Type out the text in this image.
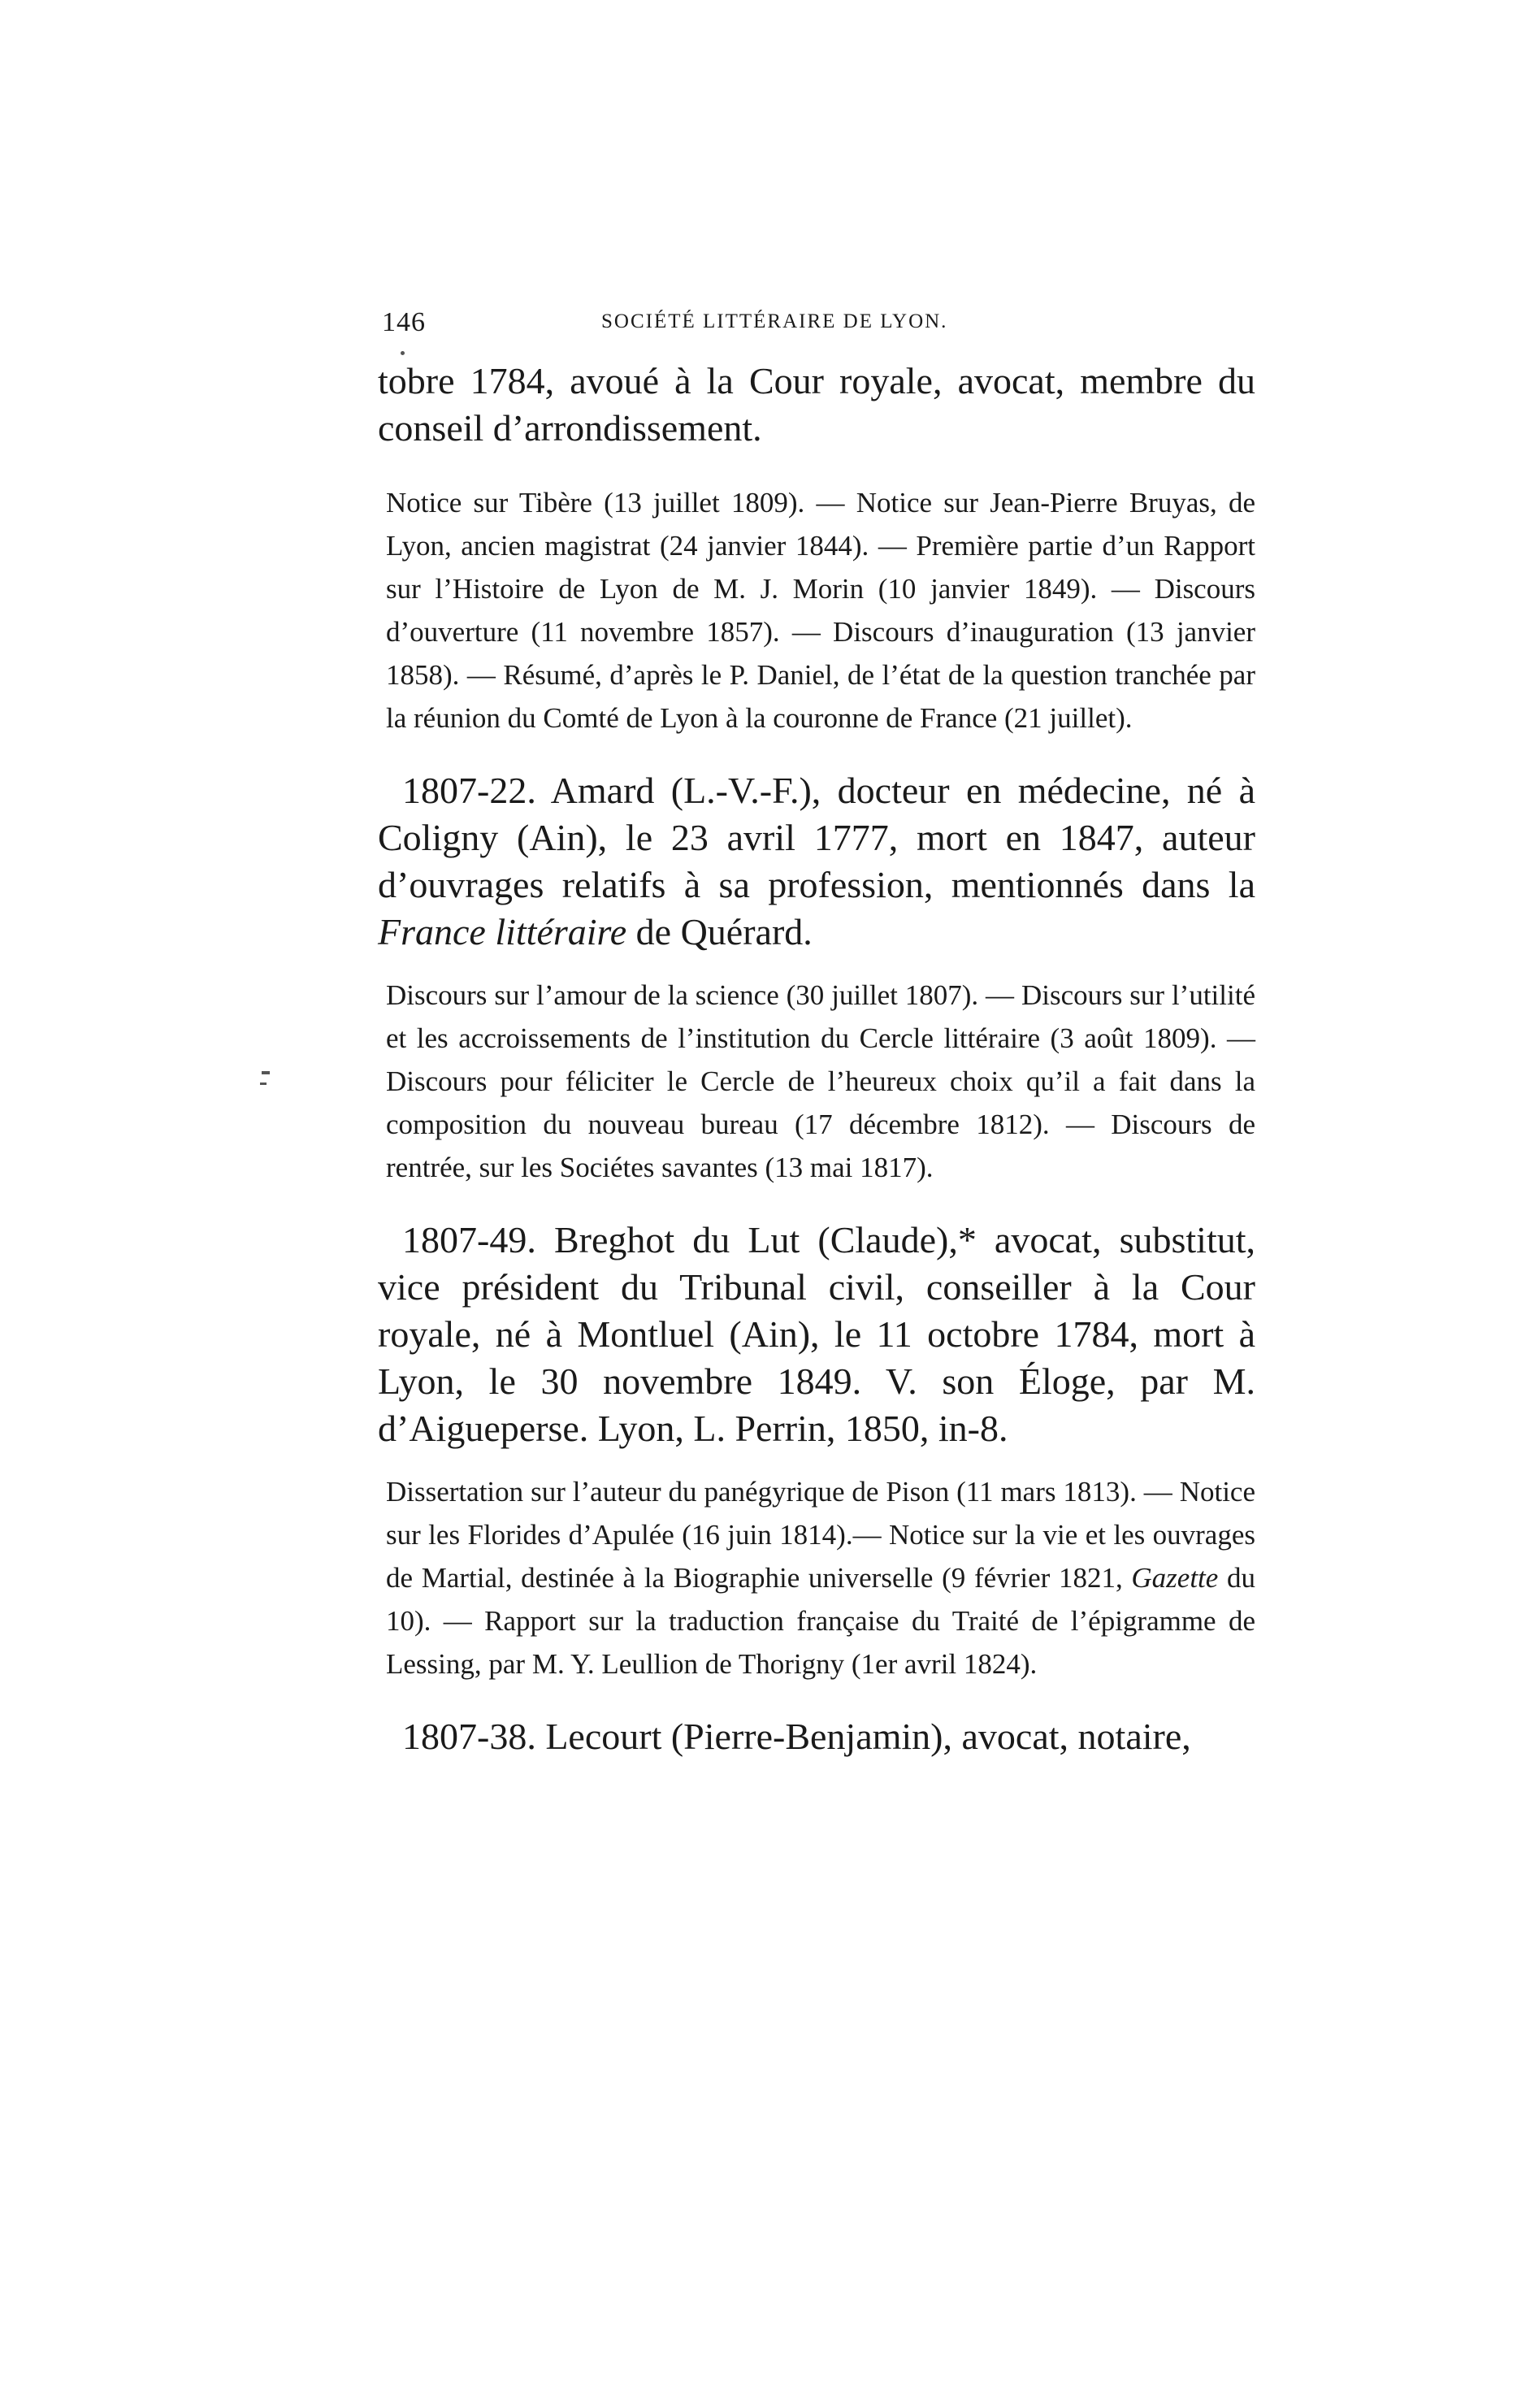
146	SOCIÉTÉ LITTÉRAIRE DE LYON.

tobre 1784, avoué à la Cour royale, avocat, membre du conseil d’arrondissement.

Notice sur Tibère (13 juillet 1809). — Notice sur Jean-Pierre Bruyas, de Lyon, ancien magistrat (24 janvier 1844). — Première partie d’un Rapport sur l’Histoire de Lyon de M. J. Morin (10 janvier 1849). — Discours d’ouverture (11 novembre 1857). — Discours d’inauguration (13 janvier 1858). — Résumé, d’après le P. Daniel, de l’état de la question tranchée par la réunion du Comté de Lyon à la couronne de France (21 juillet).

1807-22. Amard (L.-V.-F.), docteur en médecine, né à Coligny (Ain), le 23 avril 1777, mort en 1847, auteur d’ouvrages relatifs à sa profession, mentionnés dans la France littéraire de Quérard.

Discours sur l’amour de la science (30 juillet 1807). — Discours sur l’utilité et les accroissements de l’institution du Cercle littéraire (3 août 1809). — Discours pour féliciter le Cercle de l’heureux choix qu’il a fait dans la composition du nouveau bureau (17 décembre 1812). — Discours de rentrée, sur les Sociétes savantes (13 mai 1817).

1807-49. Breghot du Lut (Claude),* avocat, substitut, vice président du Tribunal civil, conseiller à la Cour royale, né à Montluel (Ain), le 11 octobre 1784, mort à Lyon, le 30 novembre 1849. V. son Éloge, par M. d’Aigueperse. Lyon, L. Perrin, 1850, in-8.

Dissertation sur l’auteur du panégyrique de Pison (11 mars 1813). — Notice sur les Florides d’Apulée (16 juin 1814).— Notice sur la vie et les ouvrages de Martial, destinée à la Biographie universelle (9 février 1821, Gazette du 10). — Rapport sur la traduction française du Traité de l’épigramme de Lessing, par M. Y. Leullion de Thorigny (1er avril 1824).

1807-38. Lecourt (Pierre-Benjamin), avocat, notaire,
